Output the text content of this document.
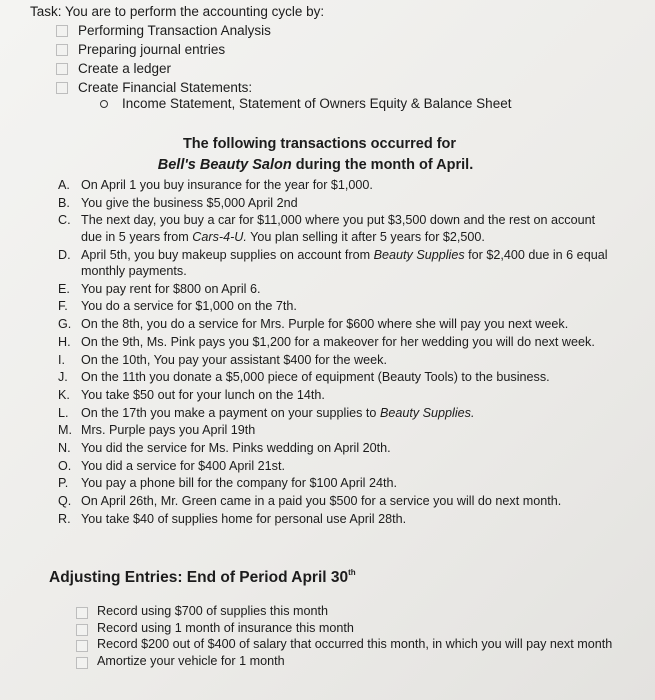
Task: You are to perform the accounting cycle by:
Performing Transaction Analysis
Preparing journal entries
Create a ledger
Create Financial Statements:
Income Statement, Statement of Owners Equity & Balance Sheet
The following transactions occurred for
Bell's Beauty Salon during the month of April.
A. On April 1 you buy insurance for the year for $1,000.
B. You give the business $5,000 April 2nd
C. The next day, you buy a car for $11,000 where you put $3,500 down and the rest on account due in 5 years from Cars-4-U. You plan selling it after 5 years for $2,500.
D. April 5th, you buy makeup supplies on account from Beauty Supplies for $2,400 due in 6 equal monthly payments.
E. You pay rent for $800 on April 6.
F.	You do a service for $1,000 on the 7th.
G. On the 8th, you do a service for Mrs. Purple for $600 where she will pay you next week.
H. On the 9th, Ms. Pink pays you $1,200 for a makeover for her wedding you will do next week.
I.	On the 10th, You pay your assistant $400 for the week.
J.	On the 11th you donate a $5,000 piece of equipment (Beauty Tools) to the business.
K. You take $50 out for your lunch on the 14th.
L. On the 17th you make a payment on your supplies to Beauty Supplies.
M. Mrs. Purple pays you April 19th
N. You did the service for Ms. Pinks wedding on April 20th.
O. You did a service for $400 April 21st.
P.	You pay a phone bill for the company for $100 April 24th.
Q. On April 26th, Mr. Green came in a paid you $500 for a service you will do next month.
R. You take $40 of supplies home for personal use April 28th.
Adjusting Entries: End of Period April 30th
Record using $700 of supplies this month
Record using 1 month of insurance this month
Record $200 out of $400 of salary that occurred this month, in which you will pay next month
Amortize your vehicle for 1 month
